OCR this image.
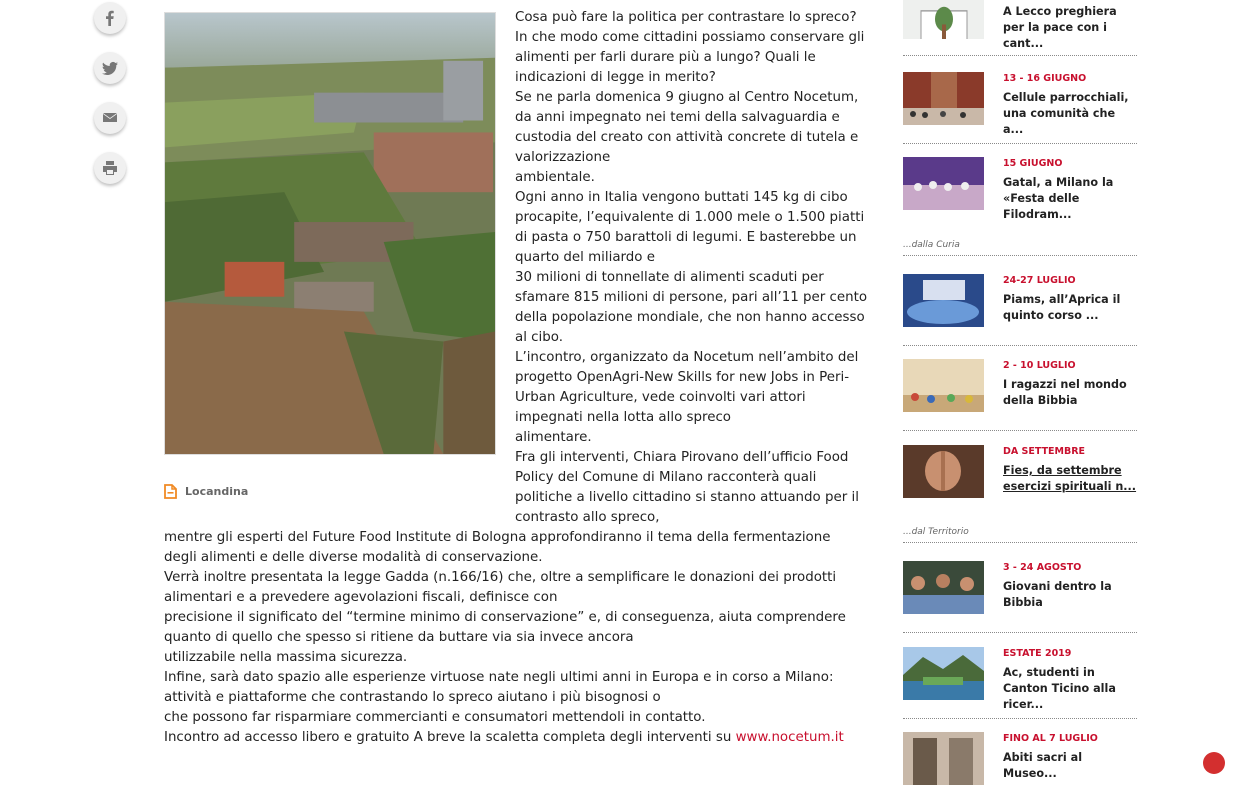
Locandina

Cosa può fare la politica per contrastare lo spreco? In che modo come cittadini possiamo conservare gli alimenti per farli durare più a lungo? Quali le indicazioni di legge in merito?

Se ne parla domenica 9 giugno al Centro Nocetum, da anni impegnato nei temi della salvaguardia e custodia del creato con attività concrete di tutela e valorizzazione

ambientale.

Ogni anno in Italia vengono buttati 145 kg di cibo procapite, l’equivalente di 1.000 mele o 1.500 piatti di pasta o 750 barattoli di legumi. E basterebbe un quarto del miliardo e

30 milioni di tonnellate di alimenti scaduti per sfamare 815 milioni di persone, pari all’11 per cento della popolazione mondiale, che non hanno accesso al cibo.

L’incontro, organizzato da Nocetum nell’ambito del progetto OpenAgri-New Skills for new Jobs in Peri-Urban Agriculture, vede coinvolti vari attori impegnati nella lotta allo spreco

alimentare.

Fra gli interventi, Chiara Pirovano dell’ufficio Food Policy del Comune di Milano racconterà quali politiche a livello cittadino si stanno attuando per il contrasto allo spreco,

mentre gli esperti del Future Food Institute di Bologna approfondiranno il tema della fermentazione degli alimenti e delle diverse modalità di conservazione.

Verrà inoltre presentata la legge Gadda (n.166/16) che, oltre a semplificare le donazioni dei prodotti alimentari e a prevedere agevolazioni fiscali, definisce con

precisione il significato del “termine minimo di conservazione” e, di conseguenza, aiuta comprendere quanto di quello che spesso si ritiene da buttare via sia invece ancora

utilizzabile nella massima sicurezza.

Infine, sarà dato spazio alle esperienze virtuose nate negli ultimi anni in Europa e in corso a Milano: attività e piattaforme che contrastando lo spreco aiutano i più bisognosi o

che possono far risparmiare commercianti e consumatori mettendoli in contatto.

Incontro ad accesso libero e gratuito A breve la scaletta completa degli interventi su www.nocetum.it

A Lecco preghiera per la pace con i cant...
13 - 16 GIUGNO
Cellule parrocchiali, una comunità che a...
15 GIUGNO
Gatal, a Milano la «Festa delle Filodram...
...dalla Curia
24-27 LUGLIO
Piams, all’Aprica il quinto corso ...
2 - 10 LUGLIO
I ragazzi nel mondo della Bibbia
DA SETTEMBRE
Fies, da settembre esercizi spirituali n...
...dal Territorio
3 - 24 AGOSTO
Giovani dentro la Bibbia
ESTATE 2019
Ac, studenti in Canton Ticino alla ricer...
FINO AL 7 LUGLIO
Abiti sacri al Museo...
